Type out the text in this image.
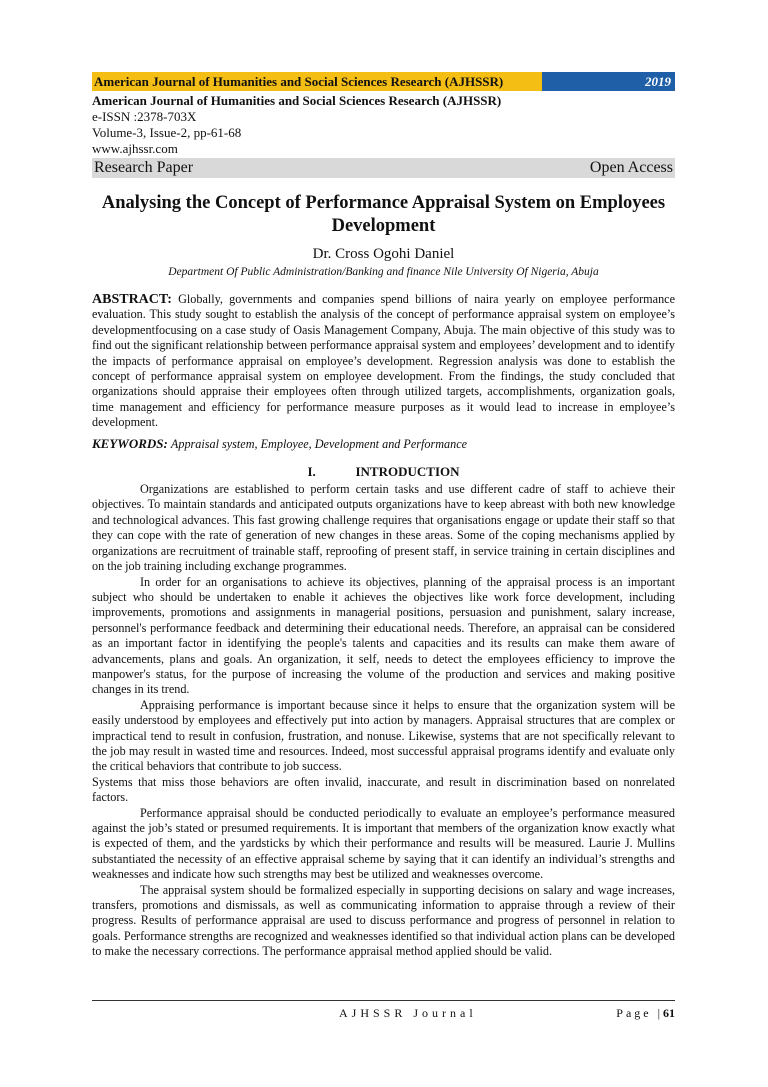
American Journal of Humanities and Social Sciences Research (AJHSSR)	2019
American Journal of Humanities and Social Sciences Research (AJHSSR)
e-ISSN :2378-703X
Volume-3, Issue-2, pp-61-68
www.ajhssr.com
Research Paper	Open Access
Analysing the Concept of Performance Appraisal System on Employees Development
Dr. Cross Ogohi Daniel
Department Of Public Administration/Banking and finance Nile University Of Nigeria, Abuja

ABSTRACT: Globally, governments and companies spend billions of naira yearly on employee performance evaluation. This study sought to establish the analysis of the concept of performance appraisal system on employee’s developmentfocusing on a case study of Oasis Management Company, Abuja. The main objective of this study was to find out the significant relationship between performance appraisal system and employees’ development and to identify the impacts of performance appraisal on employee’s development. Regression analysis was done to establish the concept of performance appraisal system on employee development. From the findings, the study concluded that organizations should appraise their employees often through utilized targets, accomplishments, organization goals, time management and efficiency for performance measure purposes as it would lead to increase in employee’s development.

KEYWORDS: Appraisal system, Employee, Development and Performance

I.	INTRODUCTION

Organizations are established to perform certain tasks and use different cadre of staff to achieve their objectives. To maintain standards and anticipated outputs organizations have to keep abreast with both new knowledge and technological advances. This fast growing challenge requires that organisations engage or update their staff so that they can cope with the rate of generation of new changes in these areas. Some of the coping mechanisms applied by organizations are recruitment of trainable staff, reproofing of present staff, in service training in certain disciplines and on the job training including exchange programmes.

In order for an organisations to achieve its objectives, planning of the appraisal process is an important subject who should be undertaken to enable it achieves the objectives like work force development, including improvements, promotions and assignments in managerial positions, persuasion and punishment, salary increase, personnel's performance feedback and determining their educational needs. Therefore, an appraisal can be considered as an important factor in identifying the people's talents and capacities and its results can make them aware of advancements, plans and goals. An organization, it self, needs to detect the employees efficiency to improve the manpower's status, for the purpose of increasing the volume of the production and services and making positive changes in its trend.

Appraising performance is important because since it helps to ensure that the organization system will be easily understood by employees and effectively put into action by managers. Appraisal structures that are complex or impractical tend to result in confusion, frustration, and nonuse. Likewise, systems that are not specifically relevant to the job may result in wasted time and resources. Indeed, most successful appraisal programs identify and evaluate only the critical behaviors that contribute to job success.

Systems that miss those behaviors are often invalid, inaccurate, and result in discrimination based on nonrelated factors.

Performance appraisal should be conducted periodically to evaluate an employee’s performance measured against the job’s stated or presumed requirements. It is important that members of the organization know exactly what is expected of them, and the yardsticks by which their performance and results will be measured. Laurie J. Mullins substantiated the necessity of an effective appraisal scheme by saying that it can identify an individual’s strengths and weaknesses and indicate how such strengths may best be utilized and weaknesses overcome.

The appraisal system should be formalized especially in supporting decisions on salary and wage increases, transfers, promotions and dismissals, as well as communicating information to appraise through a review of their progress. Results of performance appraisal are used to discuss performance and progress of personnel in relation to goals. Performance strengths are recognized and weaknesses identified so that individual action plans can be developed to make the necessary corrections. The performance appraisal method applied should be valid.

AJHSSR Journal	Page |61
